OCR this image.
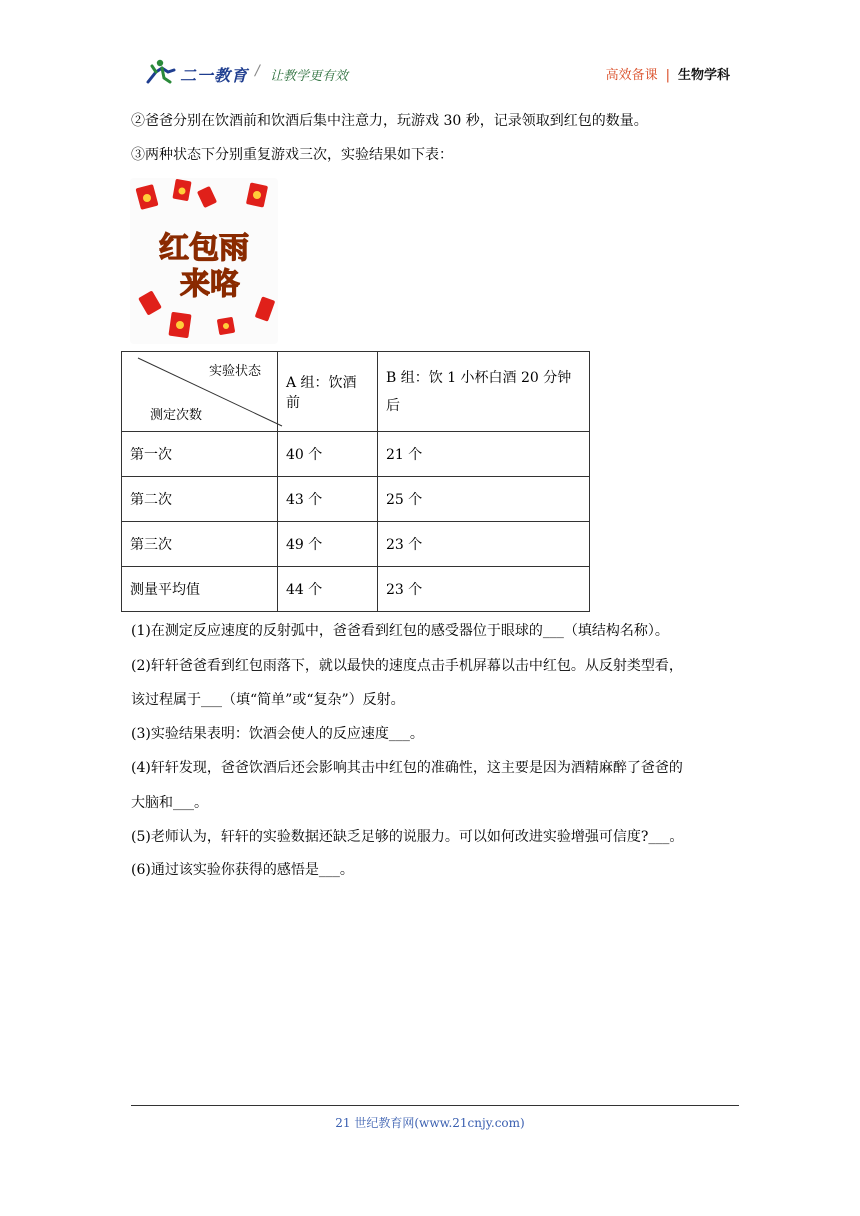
二一教育 / 让教学更有效	高效备课 | 生物学科
②爸爸分别在饮酒前和饮酒后集中注意力，玩游戏 30 秒，记录领取到红包的数量。
③两种状态下分别重复游戏三次，实验结果如下表：
红包雨
来咯
实验状态
测定次数	A 组：饮酒前	B 组：饮 1 小杯白酒 20 分钟
后
第一次	40 个	21 个
第二次	43 个	25 个
第三次	49 个	23 个
测量平均值	44 个	23 个
(1)在测定反应速度的反射弧中，爸爸看到红包的感受器位于眼球的___（填结构名称）。
(2)轩轩爸爸看到红包雨落下，就以最快的速度点击手机屏幕以击中红包。从反射类型看，
该过程属于___（填“简单”或“复杂”）反射。
(3)实验结果表明：饮酒会使人的反应速度___。
(4)轩轩发现，爸爸饮酒后还会影响其击中红包的准确性，这主要是因为酒精麻醉了爸爸的
大脑和___。
(5)老师认为，轩轩的实验数据还缺乏足够的说服力。可以如何改进实验增强可信度?___。
(6)通过该实验你获得的感悟是___。
21 世纪教育网(www.21cnjy.com)
